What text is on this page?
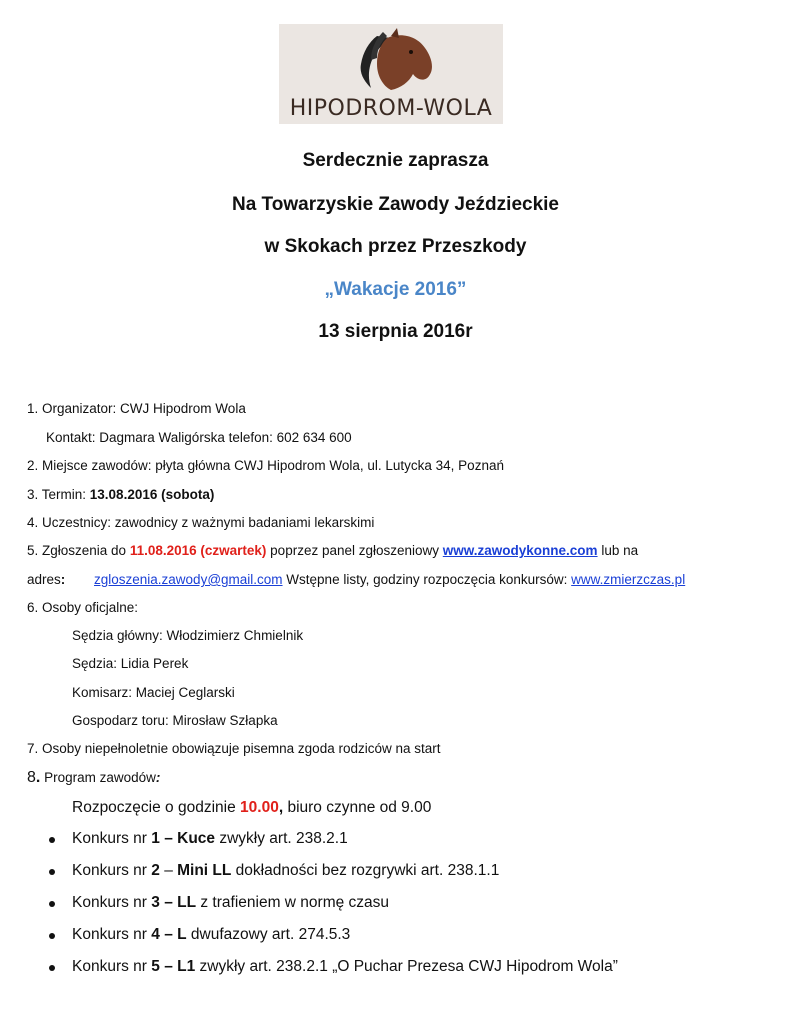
HIPODROM-WOLA
Serdecznie zaprasza
Na Towarzyskie Zawody Jeździeckie
w Skokach przez Przeszkody
„Wakacje 2016”
13 sierpnia 2016r
1. Organizator: CWJ Hipodrom Wola
Kontakt: Dagmara Waligórska telefon: 602 634 600
2. Miejsce zawodów: płyta główna CWJ Hipodrom Wola, ul. Lutycka 34, Poznań
3. Termin: 13.08.2016 (sobota)
4. Uczestnicy: zawodnicy z ważnymi badaniami lekarskimi
5. Zgłoszenia do 11.08.2016 (czwartek) poprzez panel zgłoszeniowy www.zawodykonne.com lub na
adres: zgloszenia.zawody@gmail.com Wstępne listy, godziny rozpoczęcia konkursów: www.zmierzczas.pl
6. Osoby oficjalne:
Sędzia główny: Włodzimierz Chmielnik
Sędzia: Lidia Perek
Komisarz: Maciej Ceglarski
Gospodarz toru: Mirosław Szłapka
7. Osoby niepełnoletnie obowiązuje pisemna zgoda rodziców na start
8. Program zawodów:
Rozpoczęcie o godzinie 10.00, biuro czynne od 9.00
Konkurs nr 1 – Kuce zwykły art. 238.2.1
Konkurs nr 2 – Mini LL dokładności bez rozgrywki art. 238.1.1
Konkurs nr 3 – LL z trafieniem w normę czasu
Konkurs nr 4 – L dwufazowy art. 274.5.3
Konkurs nr 5 – L1 zwykły art. 238.2.1 „O Puchar Prezesa CWJ Hipodrom Wola”
